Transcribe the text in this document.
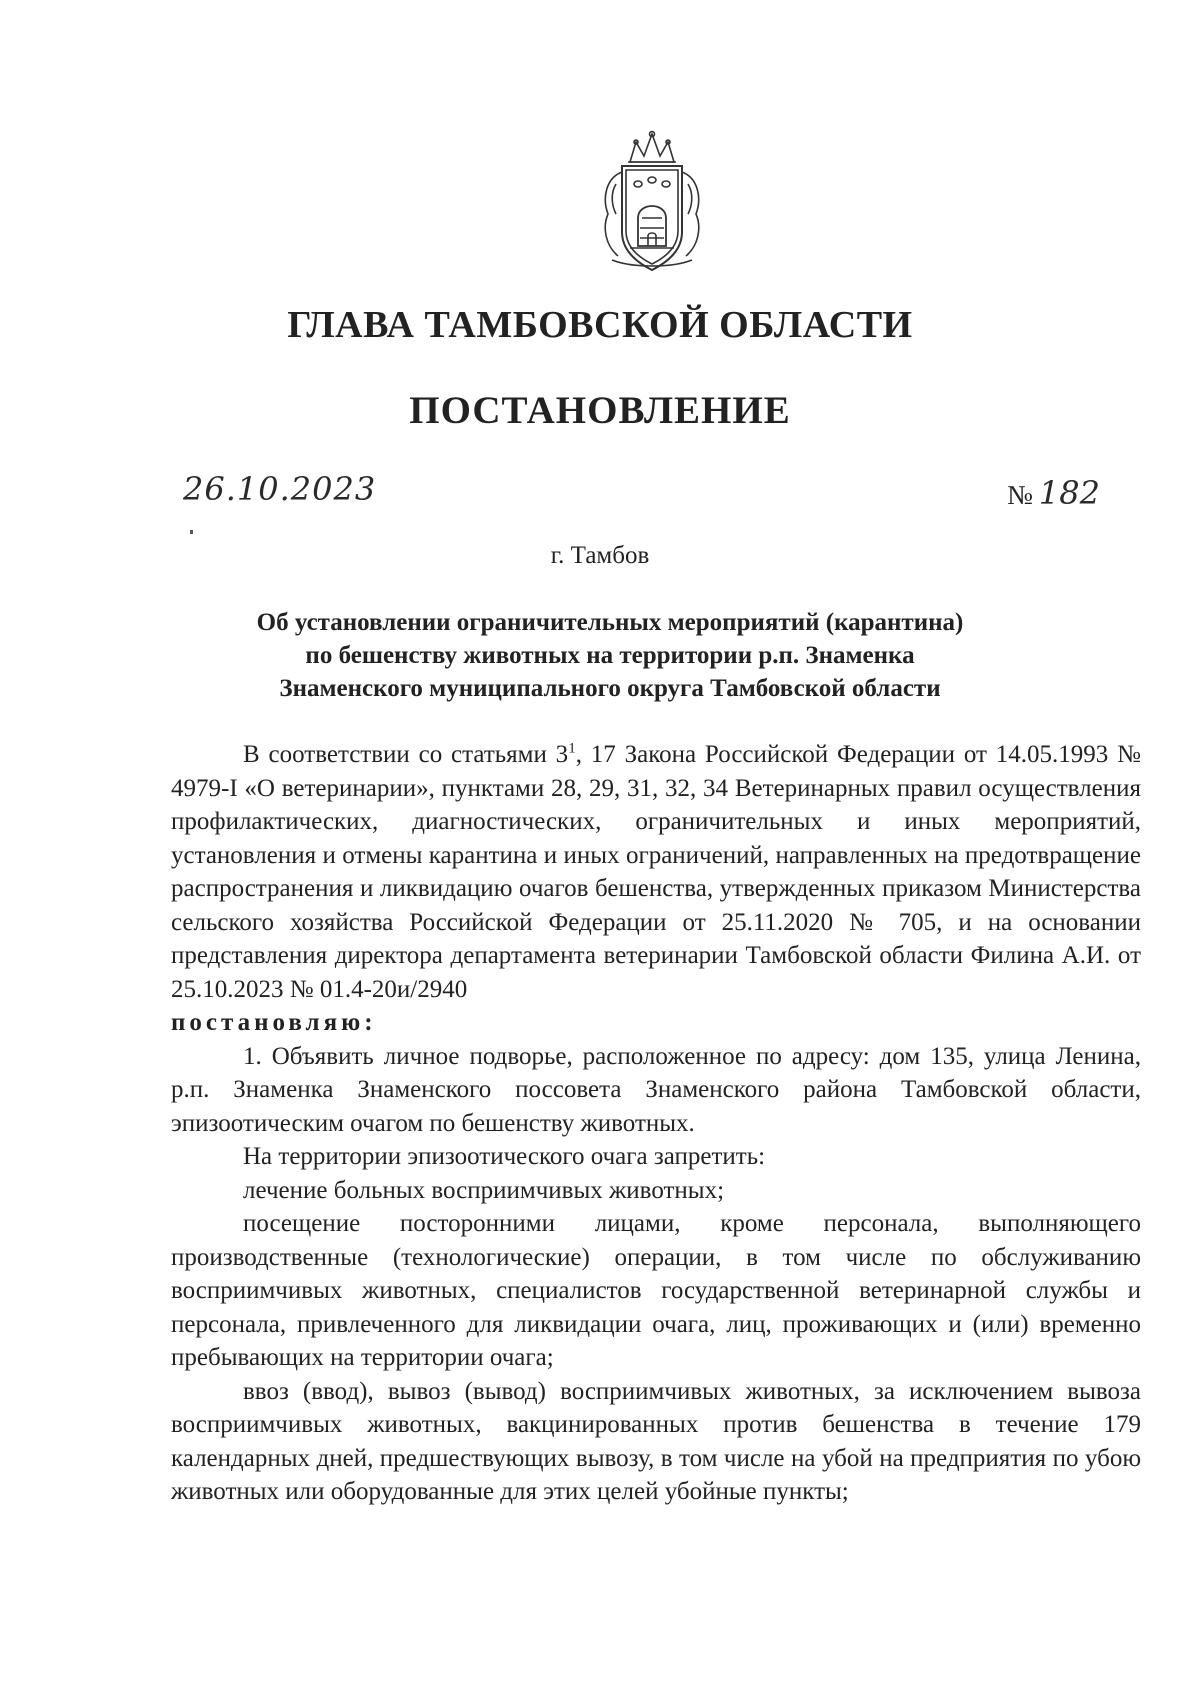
ГЛАВА ТАМБОВСКОЙ ОБЛАСТИ
ПОСТАНОВЛЕНИЕ
26.10.2023	№ 182
г. Тамбов
Об установлении ограничительных мероприятий (карантина)
по бешенству животных на территории р.п. Знаменка
Знаменского муниципального округа Тамбовской области

В соответствии со статьями $3^1$, 17 Закона Российской Федерации от 14.05.1993 № 4979-I «О ветеринарии», пунктами 28, 29, 31, 32, 34 Ветеринарных правил осуществления профилактических, диагностических, ограничительных и иных мероприятий, установления и отмены карантина и иных ограничений, направленных на предотвращение распространения и ликвидацию очагов бешенства, утвержденных приказом Министерства сельского хозяйства Российской Федерации от 25.11.2020 № 705, и на основании представления директора департамента ветеринарии Тамбовской области Филина А.И. от 25.10.2023 № 01.4-20и/2940

постановляю:

1. Объявить личное подворье, расположенное по адресу: дом 135, улица Ленина, р.п. Знаменка Знаменского поссовета Знаменского района Тамбовской области, эпизоотическим очагом по бешенству животных.

На территории эпизоотического очага запретить:

лечение больных восприимчивых животных;

посещение посторонними лицами, кроме персонала, выполняющего производственные (технологические) операции, в том числе по обслуживанию восприимчивых животных, специалистов государственной ветеринарной службы и персонала, привлеченного для ликвидации очага, лиц, проживающих и (или) временно пребывающих на территории очага;

ввоз (ввод), вывоз (вывод) восприимчивых животных, за исключением вывоза восприимчивых животных, вакцинированных против бешенства в течение 179 календарных дней, предшествующих вывозу, в том числе на убой на предприятия по убою животных или оборудованные для этих целей убойные пункты;
